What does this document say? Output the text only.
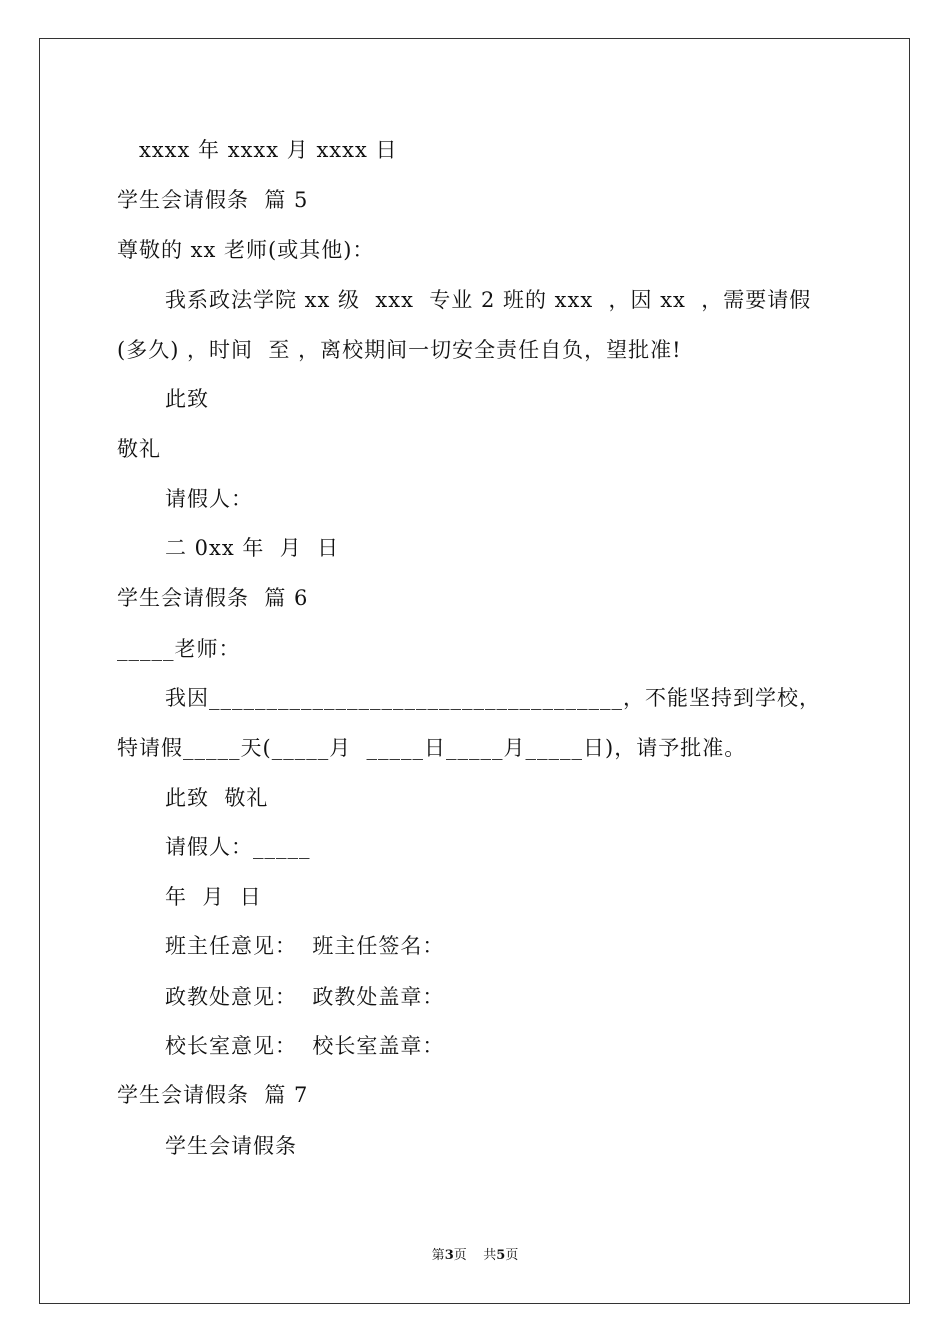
xxxx 年 xxxx 月 xxxx 日
学生会请假条  篇 5
尊敬的 xx 老师(或其他)：
我系政法学院 xx 级  xxx  专业 2 班的 xxx  ，因 xx  ，需要请假
(多久) ，时间  至 ，离校期间一切安全责任自负，望批准!
此致
敬礼
请假人：
二 0xx 年  月  日
学生会请假条  篇 6
_____老师：
我因____________________________________，不能坚持到学校，
特请假_____天(_____月  _____日_____月_____日)，请予批准。
此致  敬礼
请假人：_____
年  月  日
班主任意见：  班主任签名：
政教处意见：  政教处盖章：
校长室意见：  校长室盖章：
学生会请假条  篇 7
学生会请假条
第3页    共5页
